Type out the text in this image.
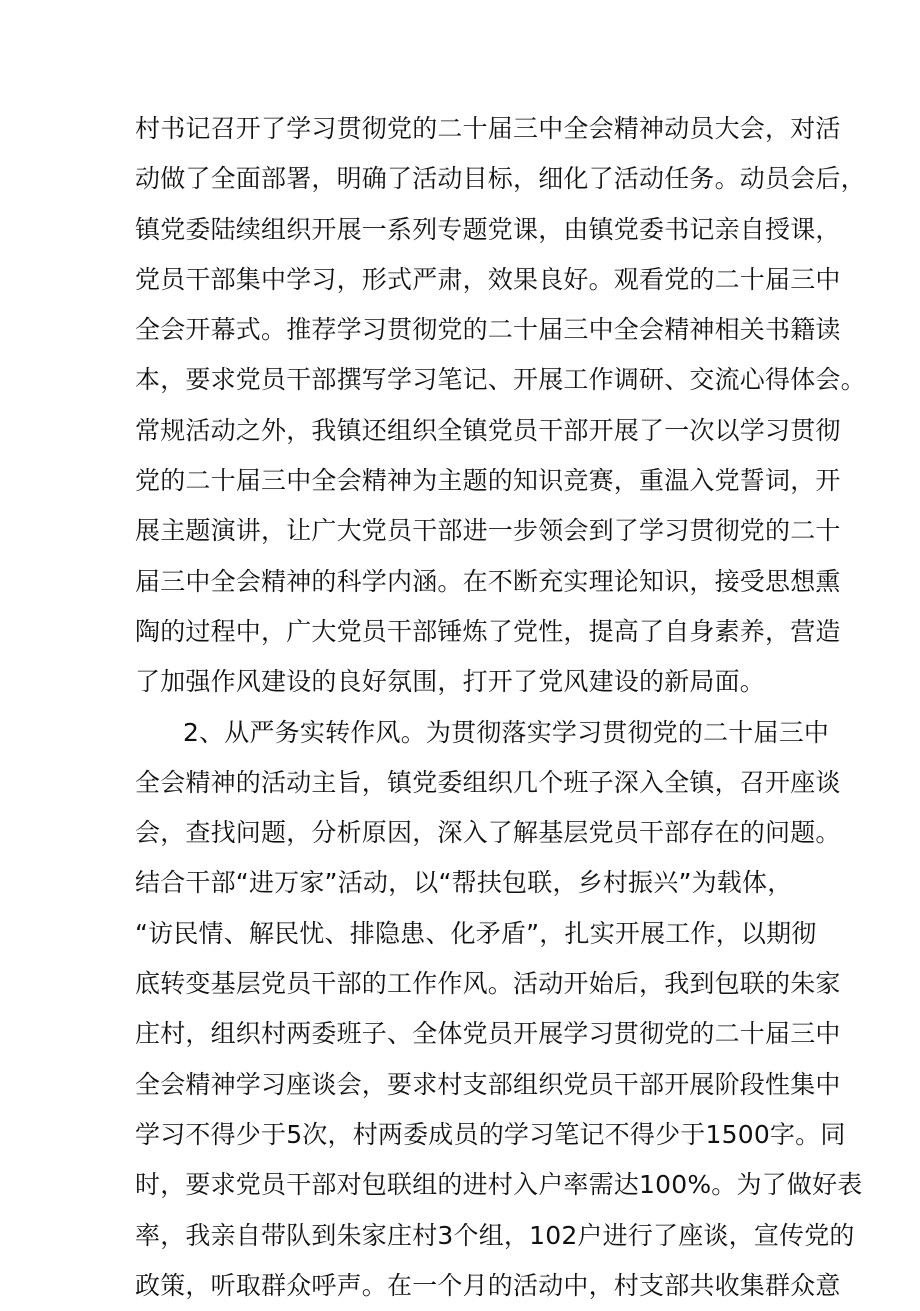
村书记召开了学习贯彻党的二十届三中全会精神动员大会，对活
动做了全面部署，明确了活动目标，细化了活动任务。动员会后，
镇党委陆续组织开展一系列专题党课，由镇党委书记亲自授课，
党员干部集中学习，形式严肃，效果良好。观看党的二十届三中
全会开幕式。推荐学习贯彻党的二十届三中全会精神相关书籍读
本，要求党员干部撰写学习笔记、开展工作调研、交流心得体会。
常规活动之外，我镇还组织全镇党员干部开展了一次以学习贯彻
党的二十届三中全会精神为主题的知识竞赛，重温入党誓词，开
展主题演讲，让广大党员干部进一步领会到了学习贯彻党的二十
届三中全会精神的科学内涵。在不断充实理论知识，接受思想熏
陶的过程中，广大党员干部锤炼了党性，提高了自身素养，营造
了加强作风建设的良好氛围，打开了党风建设的新局面。
2、从严务实转作风。为贯彻落实学习贯彻党的二十届三中
全会精神的活动主旨，镇党委组织几个班子深入全镇，召开座谈
会，查找问题，分析原因，深入了解基层党员干部存在的问题。
结合干部“进万家”活动，以“帮扶包联，乡村振兴”为载体，
“访民情、解民忧、排隐患、化矛盾”，扎实开展工作，以期彻
底转变基层党员干部的工作作风。活动开始后，我到包联的朱家
庄村，组织村两委班子、全体党员开展学习贯彻党的二十届三中
全会精神学习座谈会，要求村支部组织党员干部开展阶段性集中
学习不得少于5次，村两委成员的学习笔记不得少于1500字。同
时，要求党员干部对包联组的进村入户率需达100%。为了做好表
率，我亲自带队到朱家庄村3个组，102户进行了座谈，宣传党的
政策，听取群众呼声。在一个月的活动中，村支部共收集群众意
